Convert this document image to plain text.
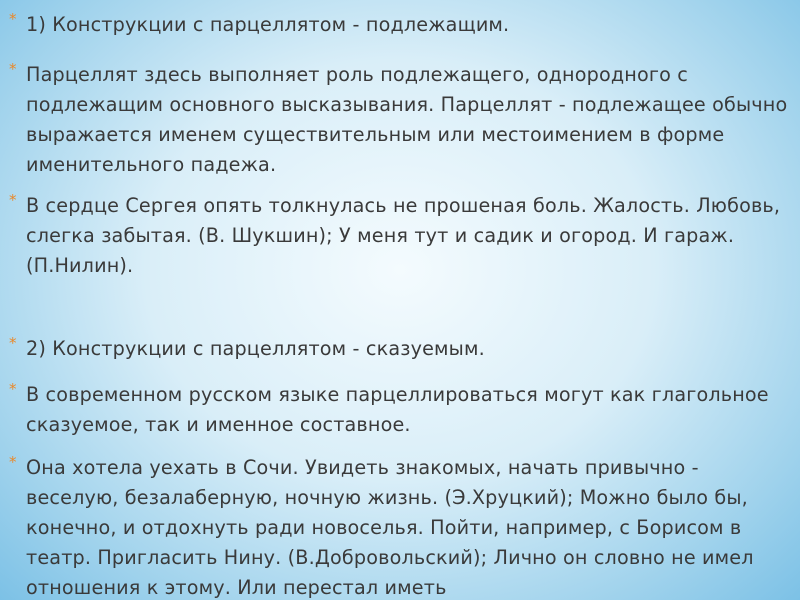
* 1) Конструкции с парцеллятом - подлежащим.
* Парцеллят здесь выполняет роль подлежащего, однородного с подлежащим основного высказывания. Парцеллят - подлежащее обычно выражается именем существительным или местоимением в форме именительного падежа.
* В сердце Сергея опять толкнулась не прошеная боль. Жалость. Любовь, слегка забытая. (В. Шукшин); У меня тут и садик и огород. И гараж. (П.Нилин).
* 2) Конструкции с парцеллятом - сказуемым.
* В современном русском языке парцеллироваться могут как глагольное сказуемое, так и именное составное.
* Она хотела уехать в Сочи. Увидеть знакомых, начать привычно - веселую, безалаберную, ночную жизнь. (Э.Хруцкий); Можно было бы, конечно, и отдохнуть ради новоселья. Пойти, например, с Борисом в театр. Пригласить Нину. (В.Добровольский); Лично он словно не имел отношения к этому. Или перестал иметь
